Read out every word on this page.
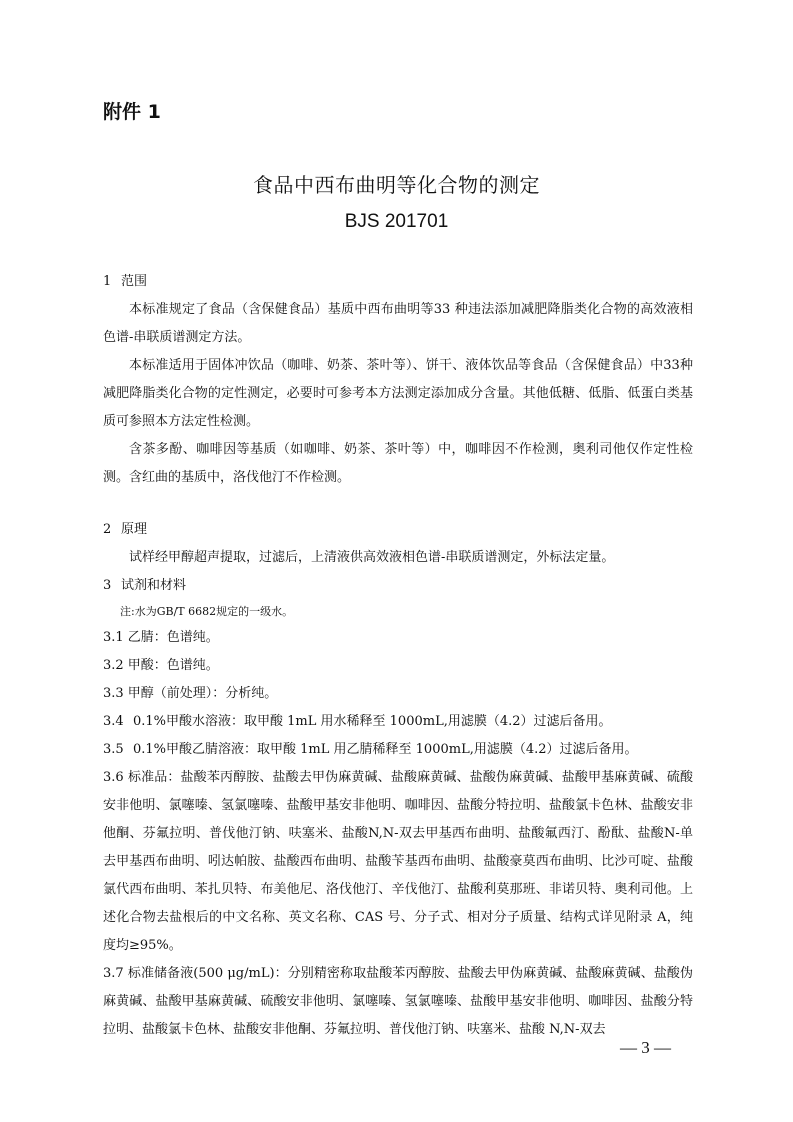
附件 1
食品中西布曲明等化合物的测定
BJS 201701

1 范围

本标准规定了食品（含保健食品）基质中西布曲明等33 种违法添加减肥降脂类化合物的高效液相色谱-串联质谱测定方法。

本标准适用于固体冲饮品（咖啡、奶茶、茶叶等）、饼干、液体饮品等食品（含保健食品）中33种减肥降脂类化合物的定性测定，必要时可参考本方法测定添加成分含量。其他低糖、低脂、低蛋白类基质可参照本方法定性检测。

含茶多酚、咖啡因等基质（如咖啡、奶茶、茶叶等）中，咖啡因不作检测，奥利司他仅作定性检测。含红曲的基质中，洛伐他汀不作检测。

2 原理

试样经甲醇超声提取，过滤后，上清液供高效液相色谱-串联质谱测定，外标法定量。

3 试剂和材料

注:水为GB/T 6682规定的一级水。

3.1 乙腈：色谱纯。

3.2 甲酸：色谱纯。

3.3 甲醇（前处理）：分析纯。

3.4 0.1%甲酸水溶液：取甲酸 1mL 用水稀释至 1000mL,用滤膜（4.2）过滤后备用。

3.5 0.1%甲酸乙腈溶液：取甲酸 1mL 用乙腈稀释至 1000mL,用滤膜（4.2）过滤后备用。

3.6 标准品：盐酸苯丙醇胺、盐酸去甲伪麻黄碱、盐酸麻黄碱、盐酸伪麻黄碱、盐酸甲基麻黄碱、硫酸安非他明、氯噻嗪、氢氯噻嗪、盐酸甲基安非他明、咖啡因、盐酸分特拉明、盐酸氯卡色林、盐酸安非他酮、芬氟拉明、普伐他汀钠、呋塞米、盐酸N,N-双去甲基西布曲明、盐酸氟西汀、酚酞、盐酸N-单去甲基西布曲明、吲达帕胺、盐酸西布曲明、盐酸苄基西布曲明、盐酸豪莫西布曲明、比沙可啶、盐酸氯代西布曲明、苯扎贝特、布美他尼、洛伐他汀、辛伐他汀、盐酸利莫那班、非诺贝特、奥利司他。上述化合物去盐根后的中文名称、英文名称、CAS 号、分子式、相对分子质量、结构式详见附录 A，纯度均≥95%。

3.7 标准储备液(500 μg/mL)：分别精密称取盐酸苯丙醇胺、盐酸去甲伪麻黄碱、盐酸麻黄碱、盐酸伪麻黄碱、盐酸甲基麻黄碱、硫酸安非他明、氯噻嗪、氢氯噻嗪、盐酸甲基安非他明、咖啡因、盐酸分特拉明、盐酸氯卡色林、盐酸安非他酮、芬氟拉明、普伐他汀钠、呋塞米、盐酸 N,N-双去

— 3 —
